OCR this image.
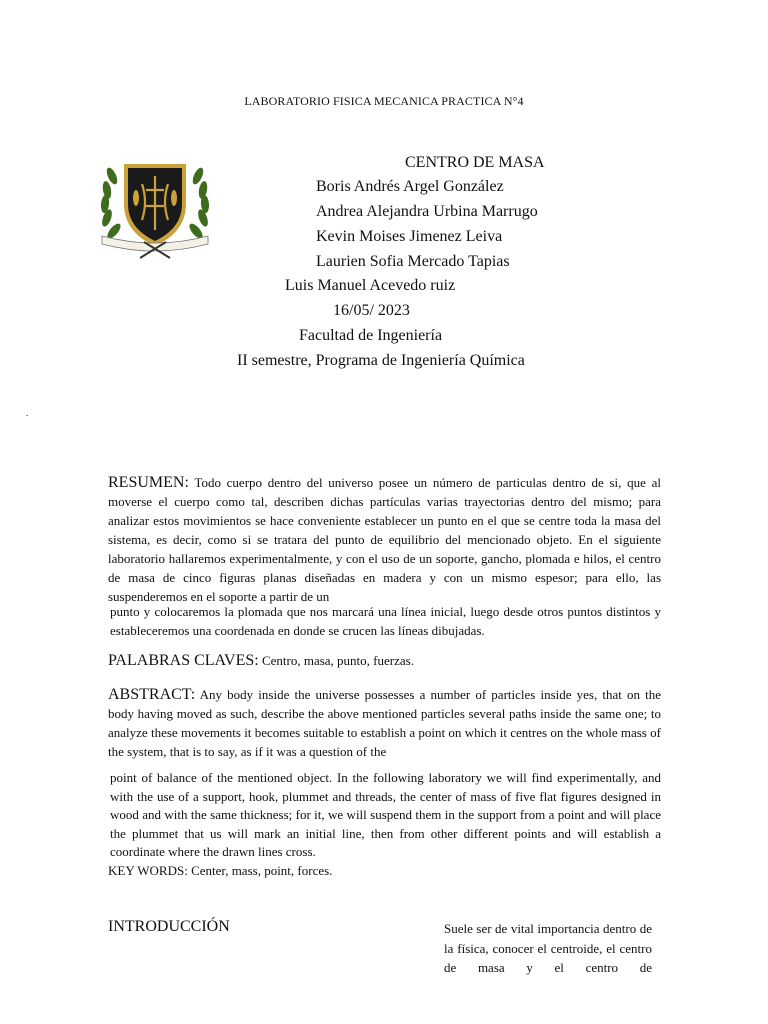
LABORATORIO FISICA MECANICA PRACTICA N°4
CENTRO DE MASA
Boris Andrés Argel González
Andrea Alejandra Urbina Marrugo
Kevin Moises Jimenez Leiva
Laurien Sofia Mercado Tapias
Luis Manuel Acevedo ruiz
16/05/ 2023
Facultad de Ingeniería
II semestre, Programa de Ingeniería Química
.
RESUMEN: Todo cuerpo dentro del universo posee un número de particulas dentro de si, que al moverse el cuerpo como tal, describen dichas partículas varias trayectorias dentro del mismo; para analizar estos movimientos se hace conveniente establecer un punto en el que se centre toda la masa del sistema, es decir, como si se tratara del punto de equilibrio del mencionado objeto. En el siguiente laboratorio hallaremos experimentalmente, y con el uso de un soporte, gancho, plomada e hilos, el centro de masa de cinco figuras planas diseñadas en madera y con un mismo espesor; para ello, las suspenderemos en el soporte a partir de un
punto y colocaremos la plomada que nos marcará una línea inicial, luego desde otros puntos distintos y estableceremos una coordenada en donde se crucen las líneas dibujadas.
PALABRAS CLAVES: Centro, masa, punto, fuerzas.
ABSTRACT: Any body inside the universe possesses a number of particles inside yes, that on the body having moved as such, describe the above mentioned particles several paths inside the same one; to analyze these movements it becomes suitable to establish a point on which it centres on the whole mass of the system, that is to say, as if it was a question of the
point of balance of the mentioned object. In the following laboratory we will find experimentally, and with the use of a support, hook, plummet and threads, the center of mass of five flat figures designed in wood and with the same thickness; for it, we will suspend them in the support from a point and will place the plummet that us will mark an initial line, then from other different points and will establish a coordinate where the drawn lines cross.
KEY WORDS: Center, mass, point, forces.
INTRODUCCIÓN	Suele ser de vital importancia dentro de la física, conocer el centroide, el centro de masa y el centro de
